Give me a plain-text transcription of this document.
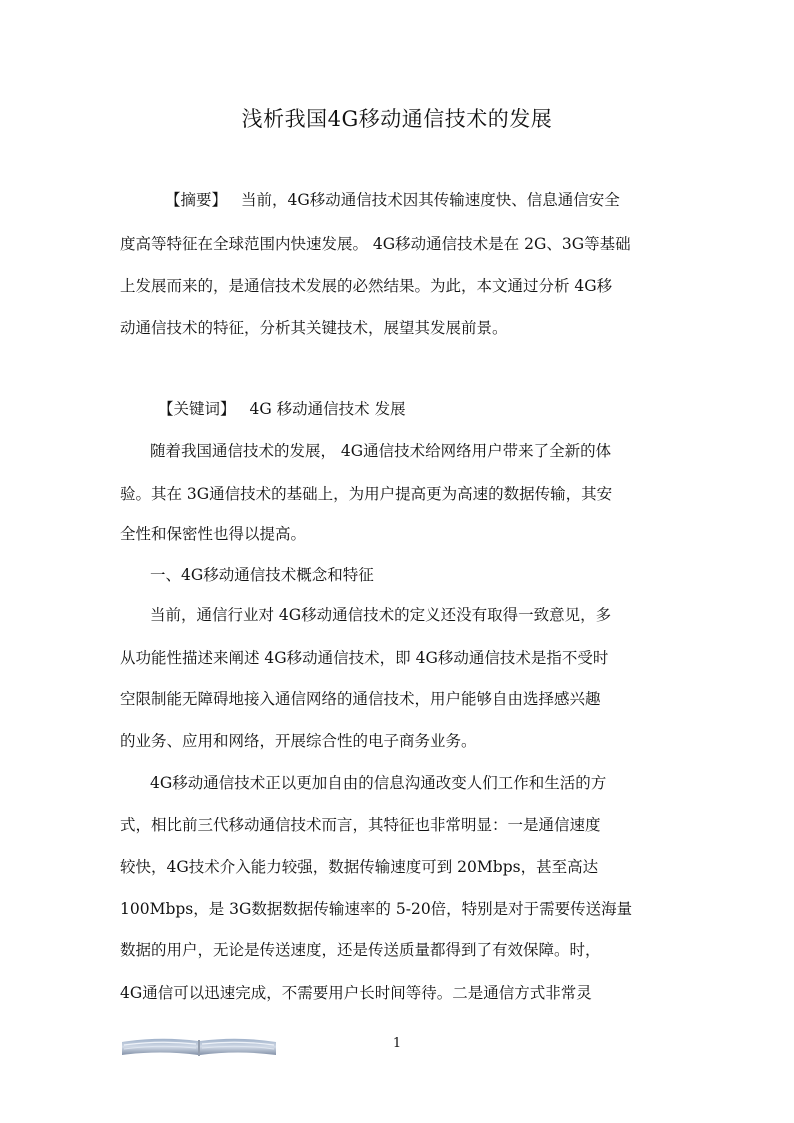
浅析我国4G移动通信技术的发展

【摘要】 当前，4G移动通信技术因其传输速度快、信息通信安全

度高等特征在全球范围内快速发展。 4G移动通信技术是在 2G、3G等基础

上发展而来的，是通信技术发展的必然结果。为此，本文通过分析 4G移

动通信技术的特征，分析其关键技术，展望其发展前景。

【关键词】 4G 移动通信技术 发展

随着我国通信技术的发展， 4G通信技术给网络用户带来了全新的体

验。其在 3G通信技术的基础上，为用户提高更为高速的数据传输，其安

全性和保密性也得以提高。

一、4G移动通信技术概念和特征

当前，通信行业对 4G移动通信技术的定义还没有取得一致意见，多

从功能性描述来阐述 4G移动通信技术，即 4G移动通信技术是指不受时

空限制能无障碍地接入通信网络的通信技术，用户能够自由选择感兴趣

的业务、应用和网络，开展综合性的电子商务业务。

4G移动通信技术正以更加自由的信息沟通改变人们工作和生活的方

式，相比前三代移动通信技术而言，其特征也非常明显：一是通信速度

较快，4G技术介入能力较强，数据传输速度可到 20Mbps，甚至高达

100Mbps，是 3G数据数据传输速率的 5-20倍，特别是对于需要传送海量

数据的用户，无论是传送速度，还是传送质量都得到了有效保障。时，

4G通信可以迅速完成，不需要用户长时间等待。二是通信方式非常灵

1
